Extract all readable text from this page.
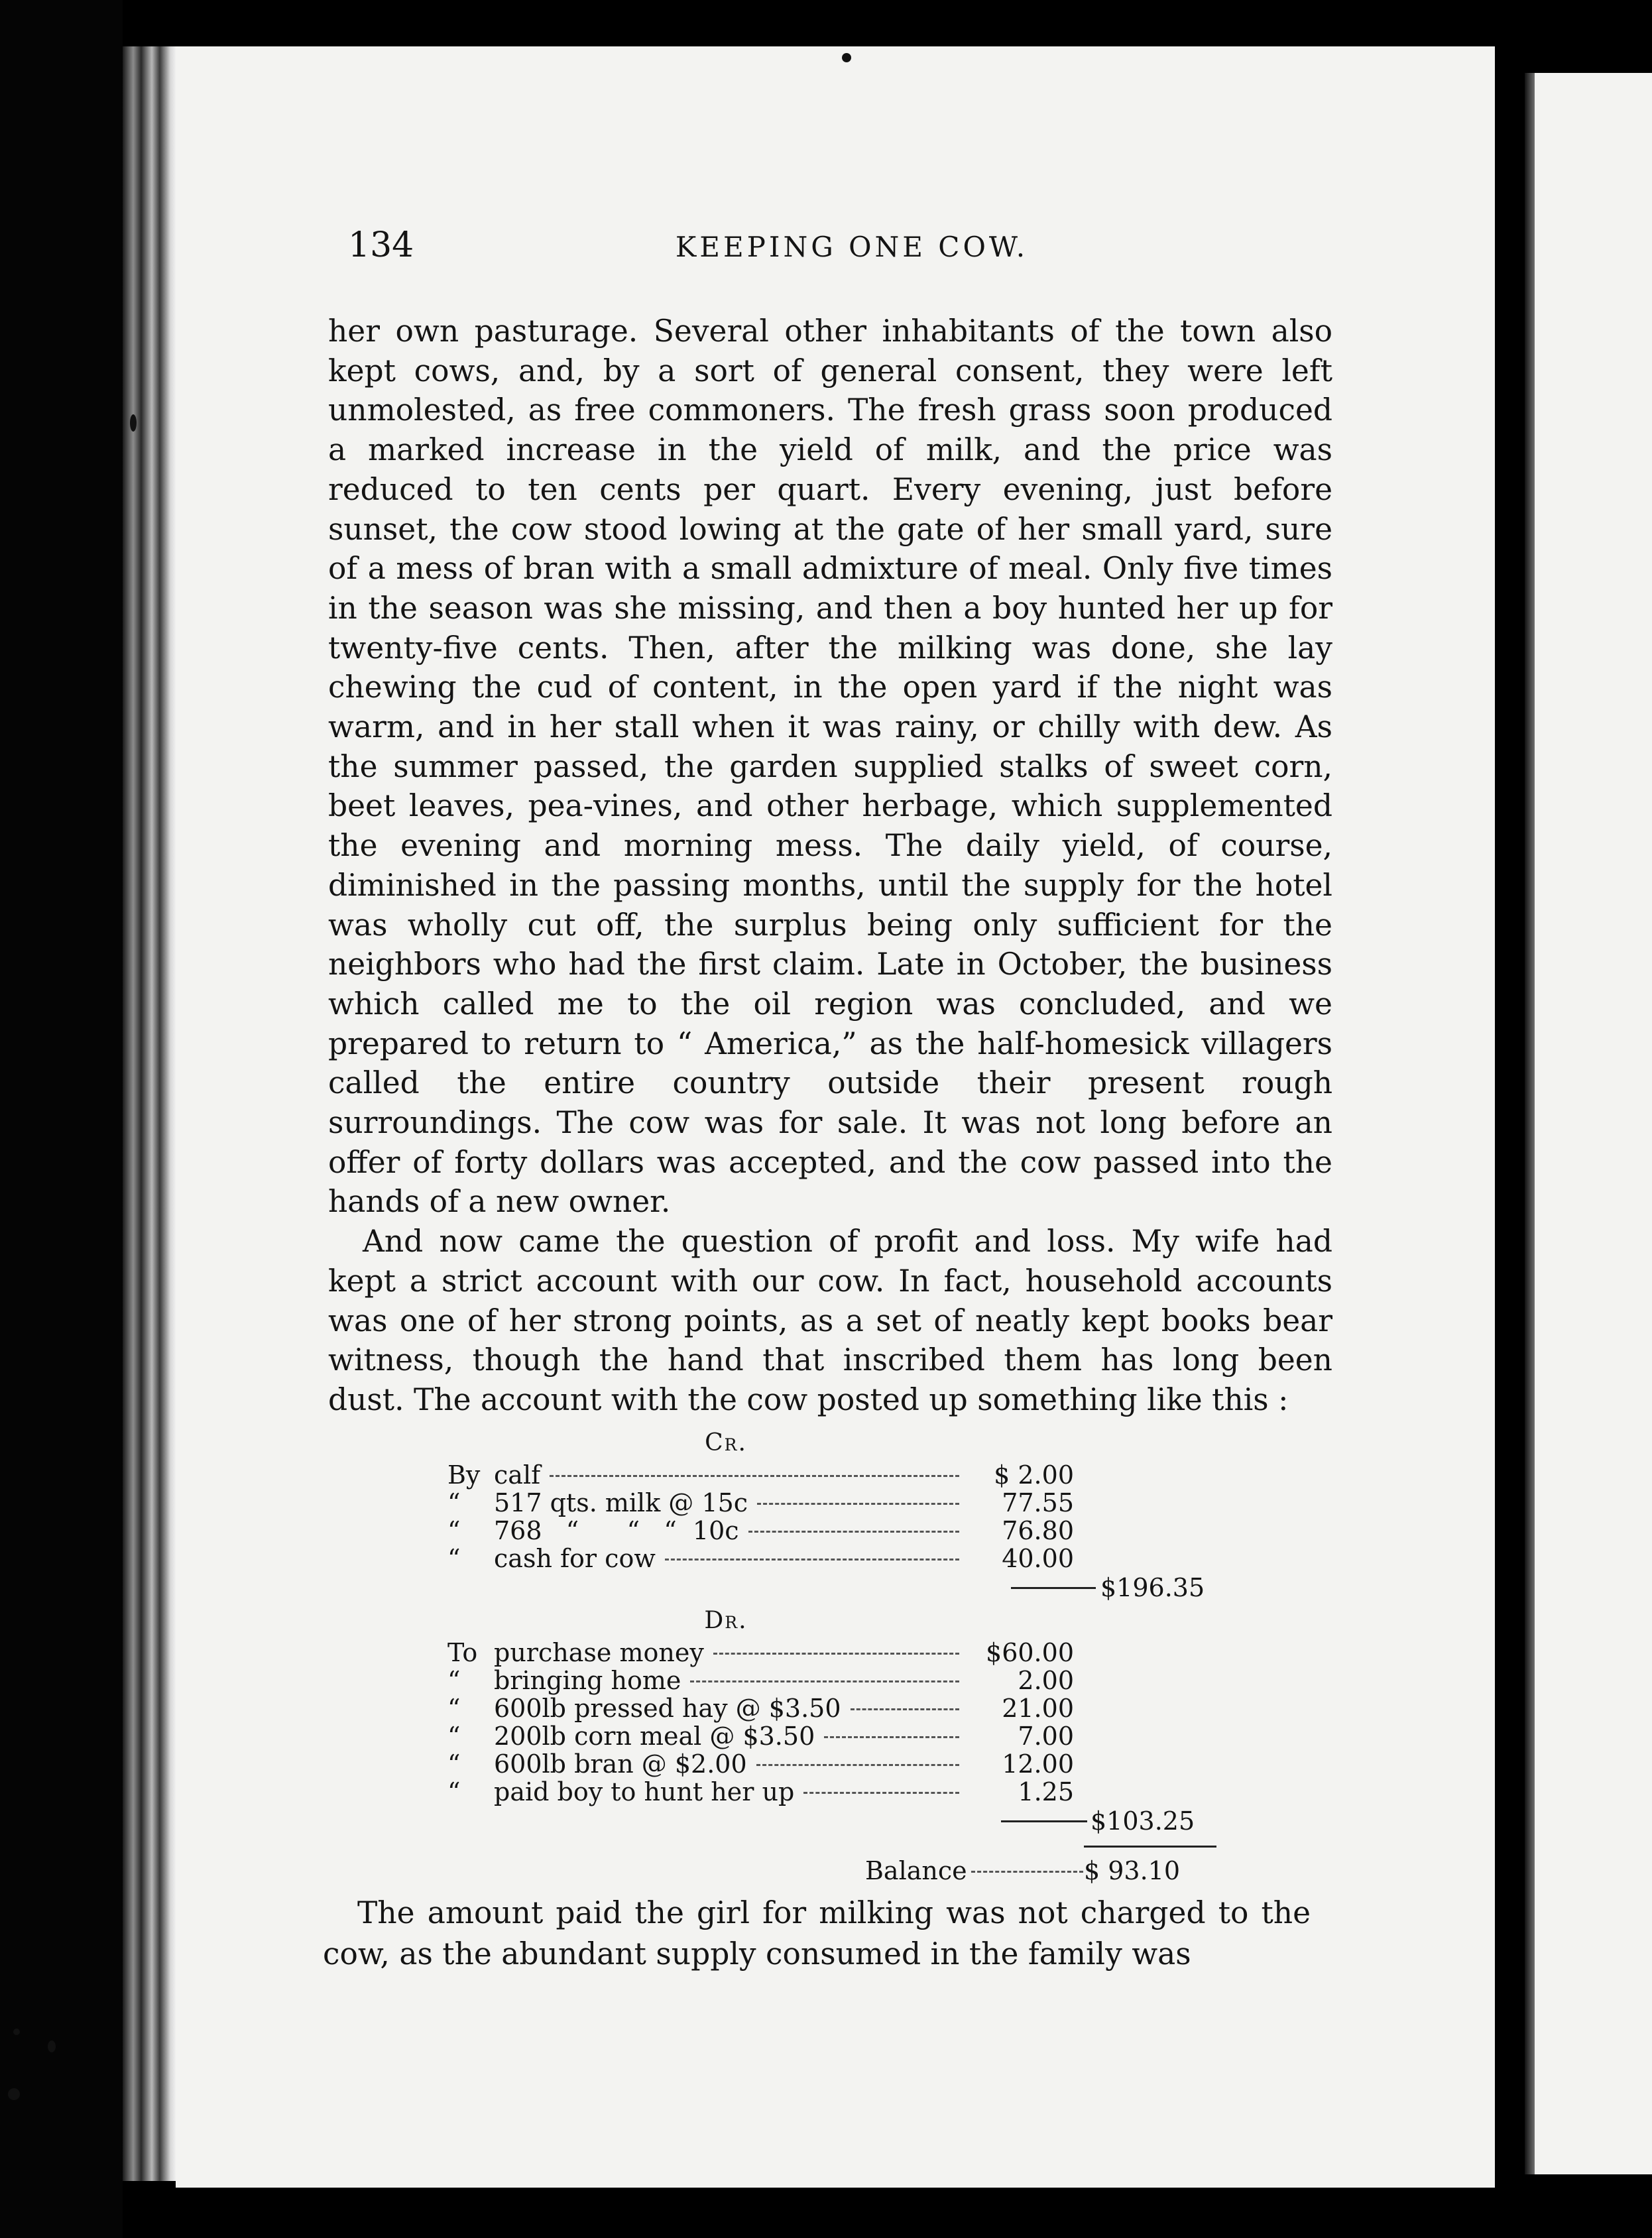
134	KEEPING ONE COW.

her own pasturage. Several other inhabitants of the town also kept cows, and, by a sort of general consent, they were left unmolested, as free commoners. The fresh grass soon produced a marked increase in the yield of milk, and the price was reduced to ten cents per quart. Every evening, just before sunset, the cow stood lowing at the gate of her small yard, sure of a mess of bran with a small admixture of meal. Only five times in the season was she missing, and then a boy hunted her up for twenty-five cents. Then, after the milking was done, she lay chewing the cud of content, in the open yard if the night was warm, and in her stall when it was rainy, or chilly with dew. As the summer passed, the garden supplied stalks of sweet corn, beet leaves, pea-vines, and other herbage, which supplemented the evening and morning mess. The daily yield, of course, diminished in the passing months, until the supply for the hotel was wholly cut off, the surplus being only sufficient for the neighbors who had the first claim. Late in October, the business which called me to the oil region was concluded, and we prepared to return to “ America,” as the half-homesick villagers called the entire country outside their present rough surroundings. The cow was for sale. It was not long before an offer of forty dollars was accepted, and the cow passed into the hands of a new owner.

And now came the question of profit and loss. My wife had kept a strict account with our cow. In fact, household accounts was one of her strong points, as a set of neatly kept books bear witness, though the hand that inscribed them has long been dust. The account with the cow posted up something like this :

Cr.
By calf	$ 2.00
“	517 qts. milk @ 15c	77.55
“	768   “      “   “  10c	76.80
“	cash for cow	40.00
$196.35
Dr.
To purchase money	$60.00
“	bringing home	2.00
“	600lb pressed hay @ $3.50	21.00
“	200lb corn meal @ $3.50	7.00
“	600lb bran @ $2.00	12.00
“	paid boy to hunt her up	1.25
$103.25
Balance	$ 93.10

The amount paid the girl for milking was not charged to the cow, as the abundant supply consumed in the family was
